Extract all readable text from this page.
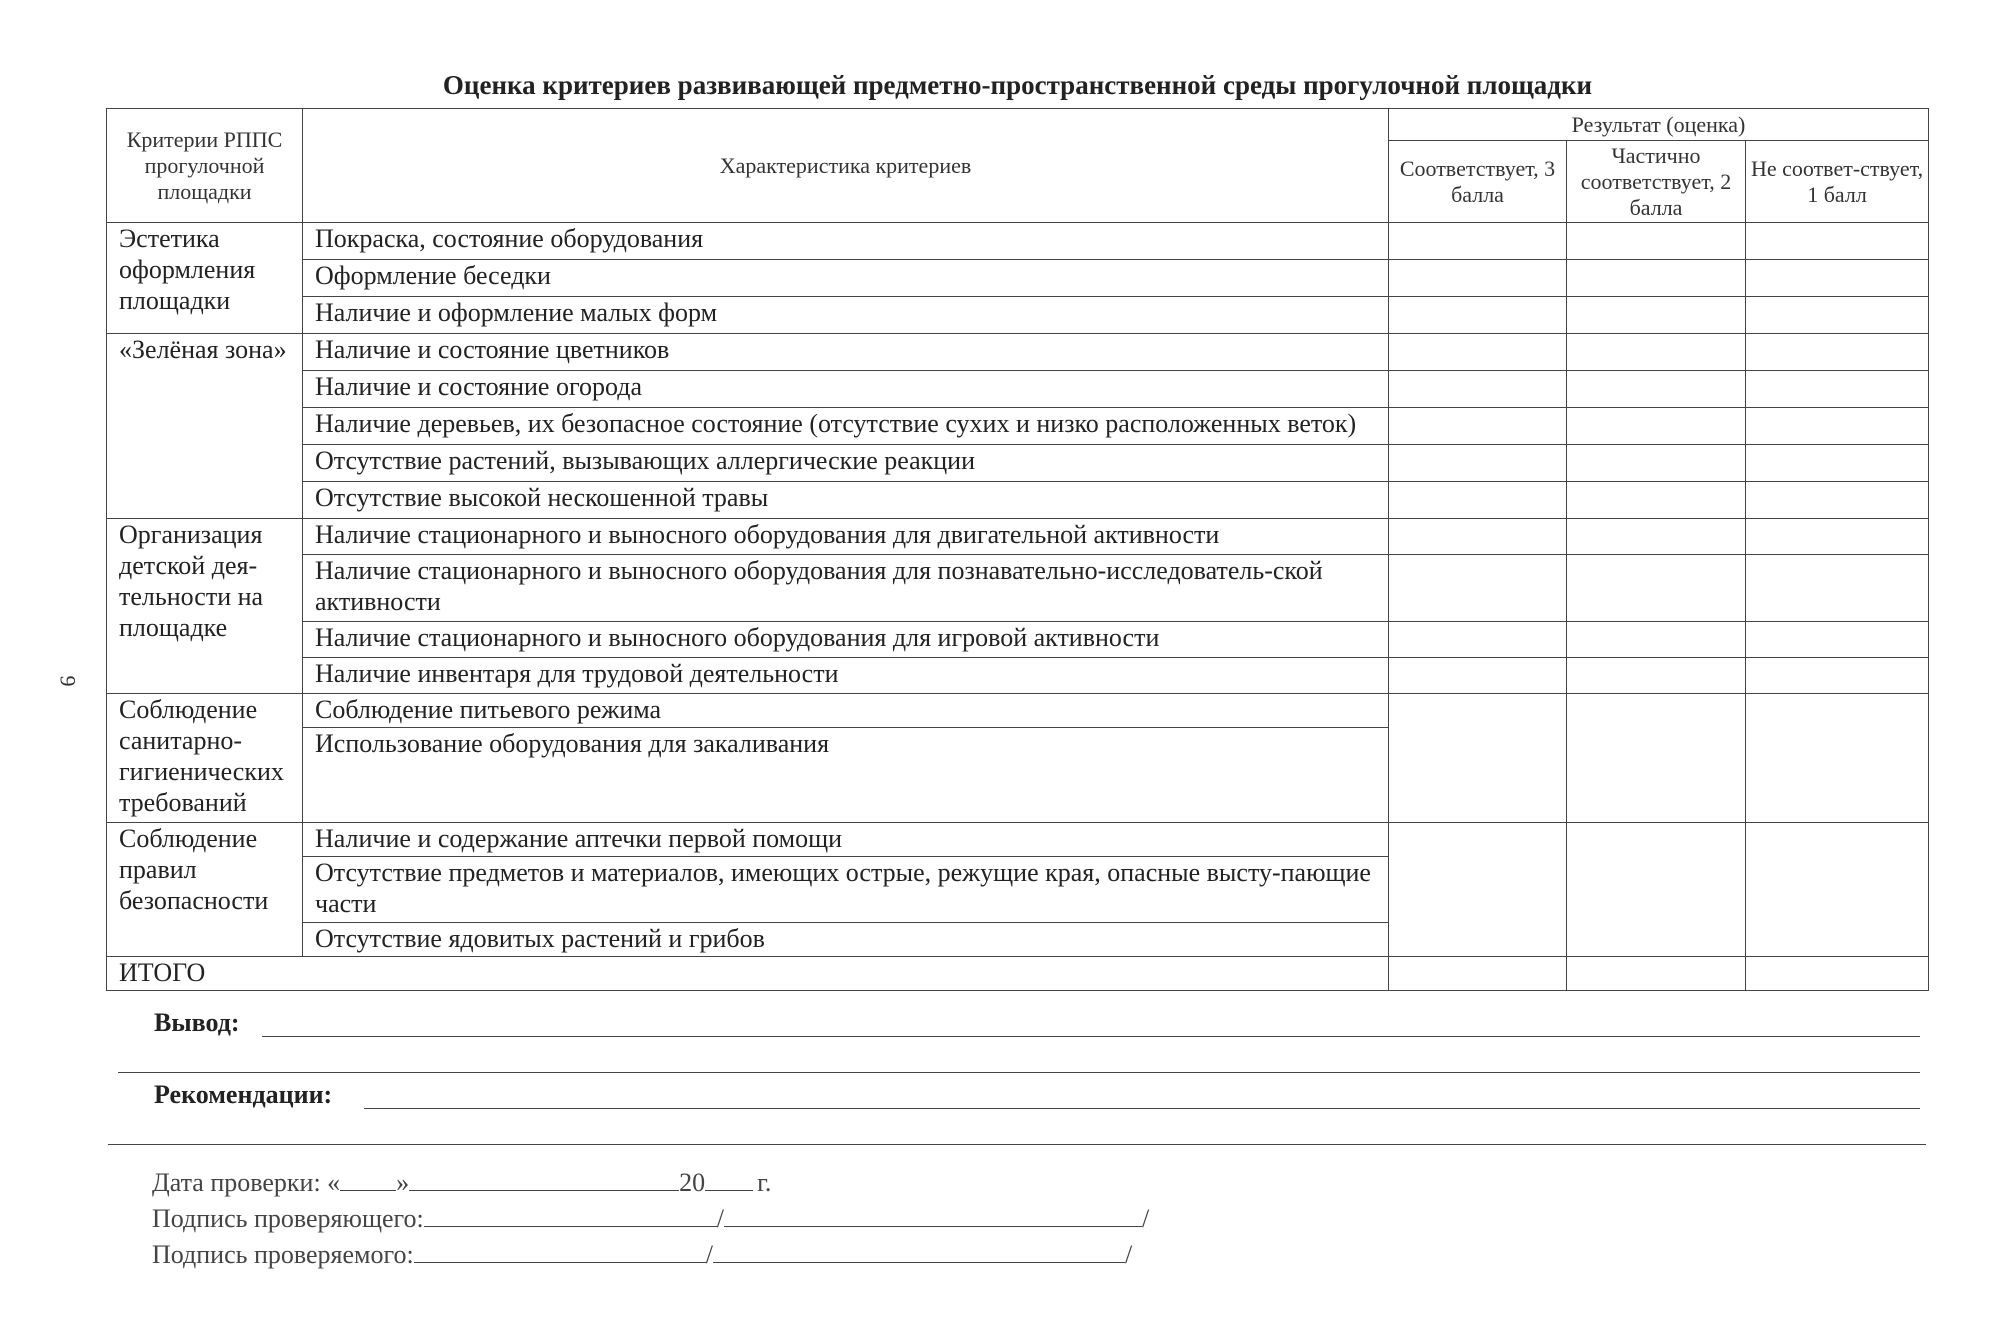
9
Оценка критериев развивающей предметно-пространственной среды прогулочной площадки
Критерии РППС прогулочной площадки	Характеристика критериев	Результат (оценка)		
		Соответствует, 3 балла	Частично соответствует, 2 балла	Не соответ-ствует, 1 балл
Эстетика оформления площадки	Покраска, состояние оборудования			
	Оформление беседки			
	Наличие и оформление малых форм			
«Зелёная зона»	Наличие и состояние цветников			
	Наличие и состояние огорода			
	Наличие деревьев, их безопасное состояние (отсутствие сухих и низко расположенных веток)			
	Отсутствие растений, вызывающих аллергические реакции			
	Отсутствие высокой нескошенной травы			
Организация детской дея-тельности на площадке	Наличие стационарного и выносного оборудования для двигательной активности			
	Наличие стационарного и выносного оборудования для познавательно-исследователь-ской активности			
	Наличие стационарного и выносного оборудования для игровой активности			
	Наличие инвентаря для трудовой деятельности			
Соблюдение санитарно-гигиенических требований	Соблюдение питьевого режима			
	Использование оборудования для закаливания			
Соблюдение правил безопасности	Наличие и содержание аптечки первой помощи			
	Отсутствие предметов и материалов, имеющих острые, режущие края, опасные высту-пающие части			
	Отсутствие ядовитых растений и грибов			
ИТОГО				
Вывод:
Рекомендации:
Дата проверки: « »	20 г.
Подпись проверяющего:	/	/
Подпись проверяемого:	/	/
